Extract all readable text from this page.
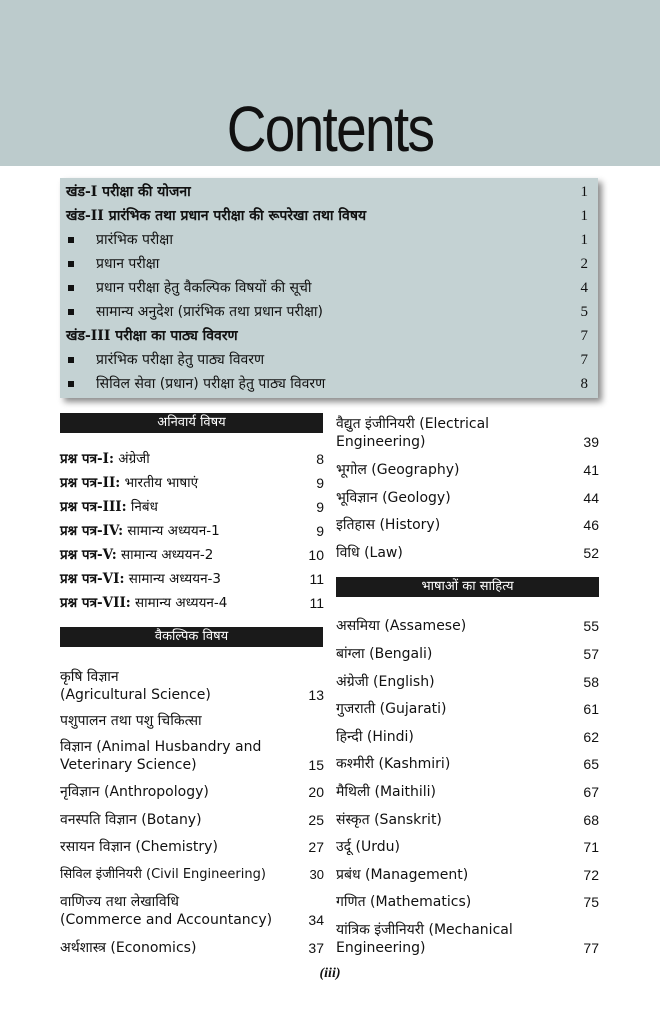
Contents
खंड-I परीक्षा की योजना	1
खंड-II प्रारंभिक तथा प्रधान परीक्षा की रूपरेखा तथा विषय	1
प्रारंभिक परीक्षा	1
प्रधान परीक्षा	2
प्रधान परीक्षा हेतु वैकल्पिक विषयों की सूची	4
सामान्य अनुदेश (प्रारंभिक तथा प्रधान परीक्षा)	5
खंड-III परीक्षा का पाठ्य विवरण	7
प्रारंभिक परीक्षा हेतु पाठ्य विवरण	7
सिविल सेवा (प्रधान) परीक्षा हेतु पाठ्य विवरण	8
अनिवार्य विषय
प्रश्न पत्र-I: अंग्रेजी	8
प्रश्न पत्र-II: भारतीय भाषाएं	9
प्रश्न पत्र-III: निबंध	9
प्रश्न पत्र-IV: सामान्य अध्ययन-1	9
प्रश्न पत्र-V: सामान्य अध्ययन-2	10
प्रश्न पत्र-VI: सामान्य अध्ययन-3	11
प्रश्न पत्र-VII: सामान्य अध्ययन-4	11
वैकल्पिक विषय
कृषि विज्ञान
(Agricultural Science)	13
पशुपालन तथा पशु चिकित्सा
विज्ञान (Animal Husbandry and
Veterinary Science)	15
नृविज्ञान (Anthropology)	20
वनस्पति विज्ञान (Botany)	25
रसायन विज्ञान (Chemistry)	27
सिविल इंजीनियरी (Civil Engineering)	30
वाणिज्य तथा लेखाविधि
(Commerce and Accountancy)	34
अर्थशास्त्र (Economics)	37
वैद्युत इंजीनियरी (Electrical
Engineering)	39
भूगोल (Geography)	41
भूविज्ञान (Geology)	44
इतिहास (History)	46
विधि (Law)	52
भाषाओं का साहित्य
असमिया (Assamese)	55
बांग्ला (Bengali)	57
अंग्रेजी (English)	58
गुजराती (Gujarati)	61
हिन्दी (Hindi)	62
कश्मीरी (Kashmiri)	65
मैथिली (Maithili)	67
संस्कृत (Sanskrit)	68
उर्दू (Urdu)	71
प्रबंध (Management)	72
गणित (Mathematics)	75
यांत्रिक इंजीनियरी (Mechanical
Engineering)	77
(iii)
